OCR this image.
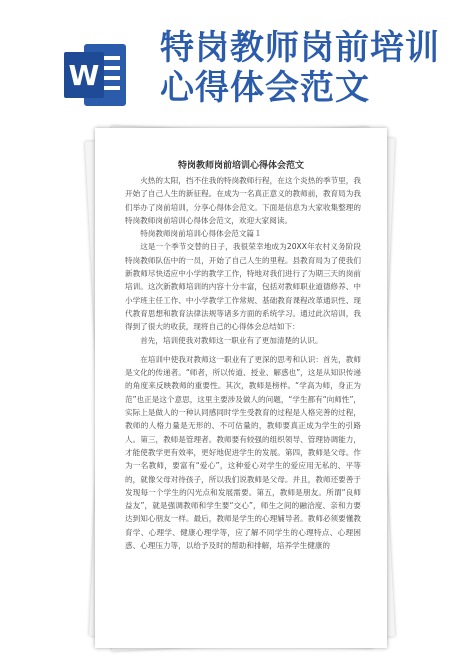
W
特岗教师岗前培训
心得体会范文
特岗教师岗前培训心得体会范文

火热的太阳，挡不住我的特岗教师行程，在这个炎热的季节里，我开始了自己人生的新征程。在成为一名真正意义的教师前，教育局为我们举办了岗前培训，分享心得体会范文。下面是信息为大家收集整理的特岗教师岗前培训心得体会范文，欢迎大家阅读。

特岗教师岗前培训心得体会范文篇１

这是一个季节交替的日子，我很荣幸地成为20XX年农村义务阶段特岗教师队伍中的一员，开始了自己人生的里程。县教育局为了使我们新教师尽快适应中小学的教学工作，特地对我们进行了为期三天的岗前培训。这次新教师培训的内容十分丰富，包括对教师职业道德修养、中小学班主任工作、中小学教学工作常规、基础教育课程改革通识性、现代教育思想和教育法律法规等诸多方面的系统学习。通过此次培训，我得到了很大的收获，现将自己的心得体会总结如下：

首先，培训使我对教师这一职业有了更加清楚的认识。

在培训中使我对教师这一职业有了更深的思考和认识：首先，教师是文化的传递者。“师者，所以传道、授业、解惑也”，这是从知识传递的角度来反映教师的重要性。其次，教师是榜样。“学高为师，身正为范”也正是这个意思，这里主要涉及做人的问题，“学生都有“向师性”，实际上是做人的一种认同感同时学生受教育的过程是人格完善的过程，教师的人格力量是无形的、不可估量的，教师要真正成为学生的引路人。第三，教师是管理者。教师要有较强的组织领导、管理协调能力，才能使教学更有效率，更好地促进学生的发展。第四，教师是父母。作为一名教师，要富有“爱心”，这种爱心对学生的爱应用无私的、平等的，就像父母对待孩子，所以我们说教师是父母。并且，教师还要善于发现每一个学生的闪光点和发展需要。第五，教师是朋友。所谓“良师益友”，就是强调教师和学生要“交心”，师生之间的融洽度、亲和力要达到知心朋友一样。最后，教师是学生的心理辅导者。教师必须要懂教育学、心理学、健康心理学等，应了解不同学生的心理特点、心理困惑、心理压力等，以给予及时的帮助和排解，培养学生健康的
